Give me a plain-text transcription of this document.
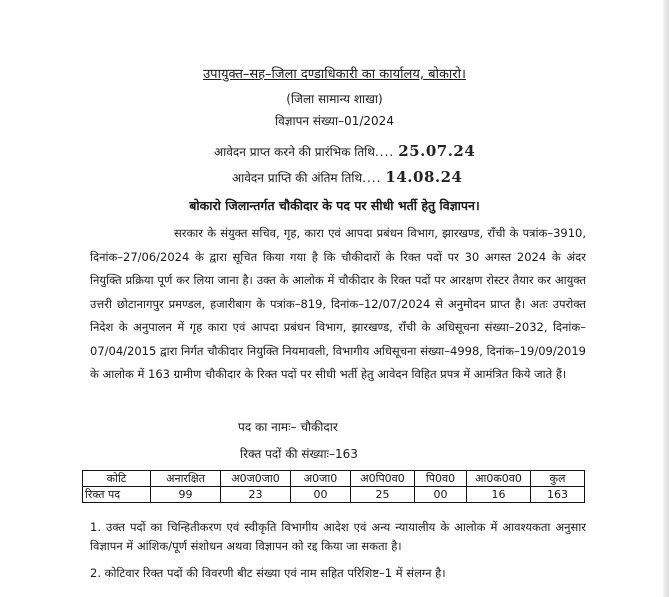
उपायुक्त–सह–जिला दण्डाधिकारी का कार्यालय, बोकारो।
(जिला सामान्य शाखा)
विज्ञापन संख्या–01/2024
आवेदन प्राप्त करने की प्रारंभिक तिथि.... 25.07.24
आवेदन प्राप्ति की अंतिम तिथि.... 14.08.24
बोकारो जिलान्तर्गत चौकीदार के पद पर सीधी भर्ती हेतु विज्ञापन।
सरकार के संयुक्त सचिव, गृह, कारा एवं आपदा प्रबंधन विभाग, झारखण्ड, राँची के पत्रांक–3910, दिनांक–27/06/2024 के द्वारा सूचित किया गया है कि चौकीदारों के रिक्त पदों पर 30 अगस्त 2024 के अंदर नियुक्ति प्रक्रिया पूर्ण कर लिया जाना है। उक्त के आलोक में चौकीदार के रिक्त पदों पर आरक्षण रोस्टर तैयार कर आयुक्त उत्तरी छोटानागपुर प्रमण्डल, हजारीबाग के पत्रांक–819, दिनांक–12/07/2024 से अनुमोदन प्राप्त है। अतः उपरोक्त निदेश के अनुपालन में गृह कारा एवं आपदा प्रबंधन विभाग, झारखण्ड, राँची के अधिसूचना संख्या–2032, दिनांक–07/04/2015 द्वारा निर्गत चौकीदार नियुक्ति नियमावली, विभागीय अधिसूचना संख्या–4998, दिनांक–19/09/2019 के आलोक में 163 ग्रामीण चौकीदार के रिक्त पदों पर सीधी भर्ती हेतु आवेदन विहित प्रपत्र में आमंत्रित किये जाते हैं।
पद का नामः– चौकीदार
रिक्त पदों की संख्याः–163
कोटि	अनारक्षित	अ0ज0जा0	अ0जा0	अ0पि0व0	पि0व0	आ0क0व0	कुल
रिक्त पद	99	23	00	25	00	16	163
1. उक्त पदों का चिन्हितीकरण एवं स्वीकृति विभागीय आदेश एवं अन्य न्यायालीय के आलोक में आवश्यकता अनुसार विज्ञापन में आंशिक/पूर्ण संशोधन अथवा विज्ञापन को रद्द किया जा सकता है।
2. कोटिवार रिक्त पदों की विवरणी बीट संख्या एवं नाम सहित परिशिष्ट–1 में संलग्न है।
